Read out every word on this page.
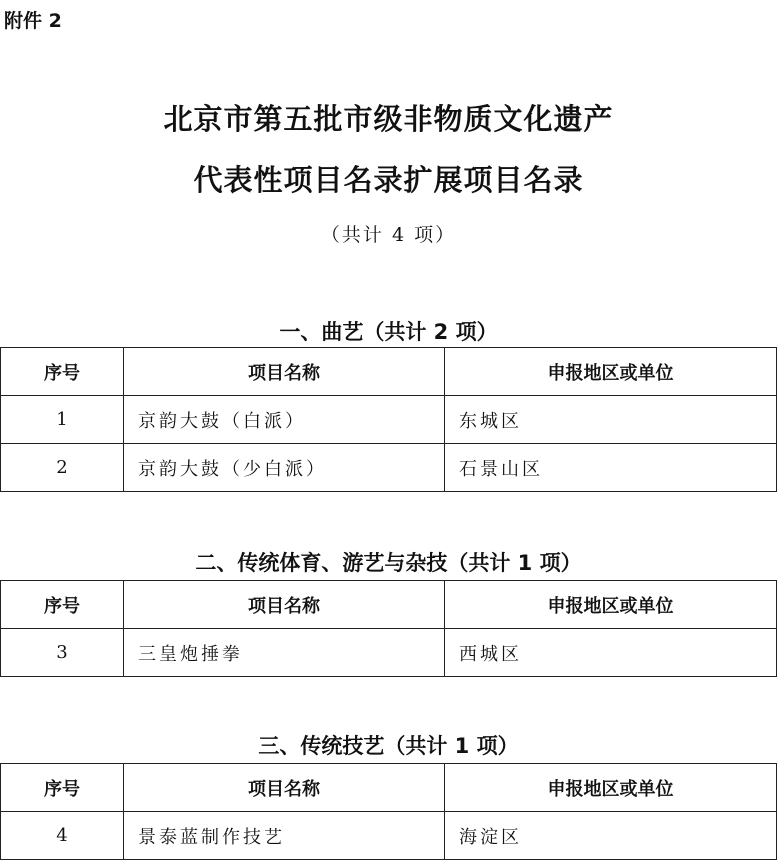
附件 2
北京市第五批市级非物质文化遗产
代表性项目名录扩展项目名录
（共计 4 项）
一、曲艺（共计 2 项）
序号	项目名称	申报地区或单位
1	京韵大鼓（白派）	东城区
2	京韵大鼓（少白派）	石景山区
二、传统体育、游艺与杂技（共计 1 项）
序号	项目名称	申报地区或单位
3	三皇炮捶拳	西城区
三、传统技艺（共计 1 项）
序号	项目名称	申报地区或单位
4	景泰蓝制作技艺	海淀区
